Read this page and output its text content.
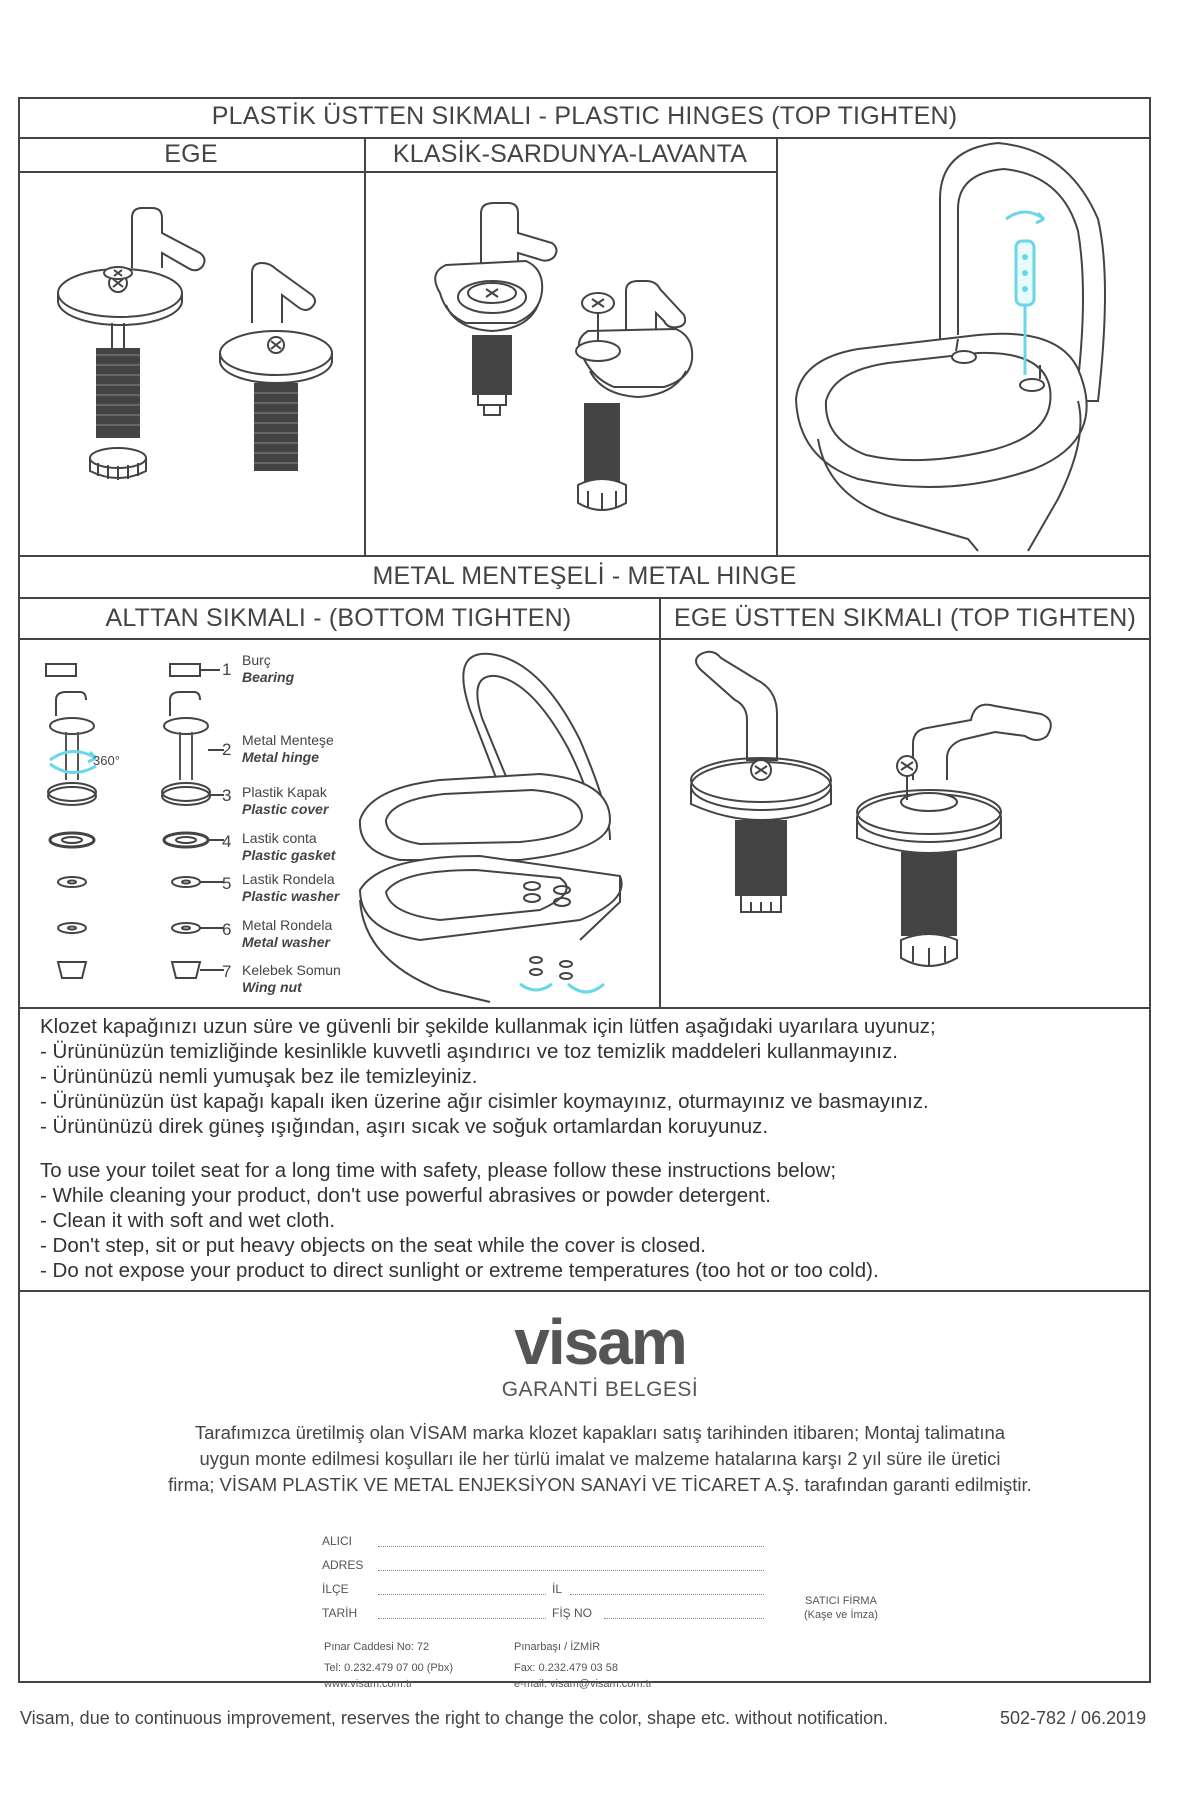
PLASTİK ÜSTTEN SIKMALI - PLASTIC HINGES (TOP TIGHTEN)
EGE	KLASİK-SARDUNYA-LAVANTA
METAL MENTEŞELİ - METAL HINGE
ALTTAN SIKMALI - (BOTTOM TIGHTEN)	EGE ÜSTTEN SIKMALI (TOP TIGHTEN)
360°
1 Burç
Bearing
2 Metal Menteşe
Metal hinge
3 Plastik Kapak
Plastic cover
4 Lastik conta
Plastic gasket
5 Lastik Rondela
Plastic washer
6 Metal Rondela
Metal washer
7 Kelebek Somun
Wing nut
Klozet kapağınızı uzun süre ve güvenli bir şekilde kullanmak için lütfen aşağıdaki uyarılara uyunuz;
- Ürününüzün temizliğinde kesinlikle kuvvetli aşındırıcı ve toz temizlik maddeleri kullanmayınız.
- Ürününüzü nemli yumuşak bez ile temizleyiniz.
- Ürününüzün üst kapağı kapalı iken üzerine ağır cisimler koymayınız, oturmayınız ve basmayınız.
- Ürününüzü direk güneş ışığından, aşırı sıcak ve soğuk ortamlardan koruyunuz.
To use your toilet seat for a long time with safety, please follow these instructions below;
- While cleaning your product, don't use powerful abrasives or powder detergent.
- Clean it with soft and wet cloth.
- Don't step, sit or put heavy objects on the seat while the cover is closed.
- Do not expose your product to direct sunlight or extreme temperatures (too hot or too cold).
visam
GARANTİ BELGESİ
Tarafımızca üretilmiş olan VİSAM marka klozet kapakları satış tarihinden itibaren; Montaj talimatına
uygun monte edilmesi koşulları ile her türlü imalat ve malzeme hatalarına karşı 2 yıl süre ile üretici
firma; VİSAM PLASTİK VE METAL ENJEKSİYON SANAYİ VE TİCARET A.Ş. tarafından garanti edilmiştir.
ALICI
ADRES
İLÇE	İL
TARİH	FİŞ NO
SATICI FİRMA
(Kaşe ve İmza)
Pınar Caddesi No: 72	Pınarbaşı / İZMİR
Tel: 0.232.479 07 00 (Pbx)	Fax: 0.232.479 03 58
www.visam.com.tr	e-mail: visam@visam.com.tr
Visam, due to continuous improvement, reserves the right to change the color, shape etc. without notification.	502-782 / 06.2019
